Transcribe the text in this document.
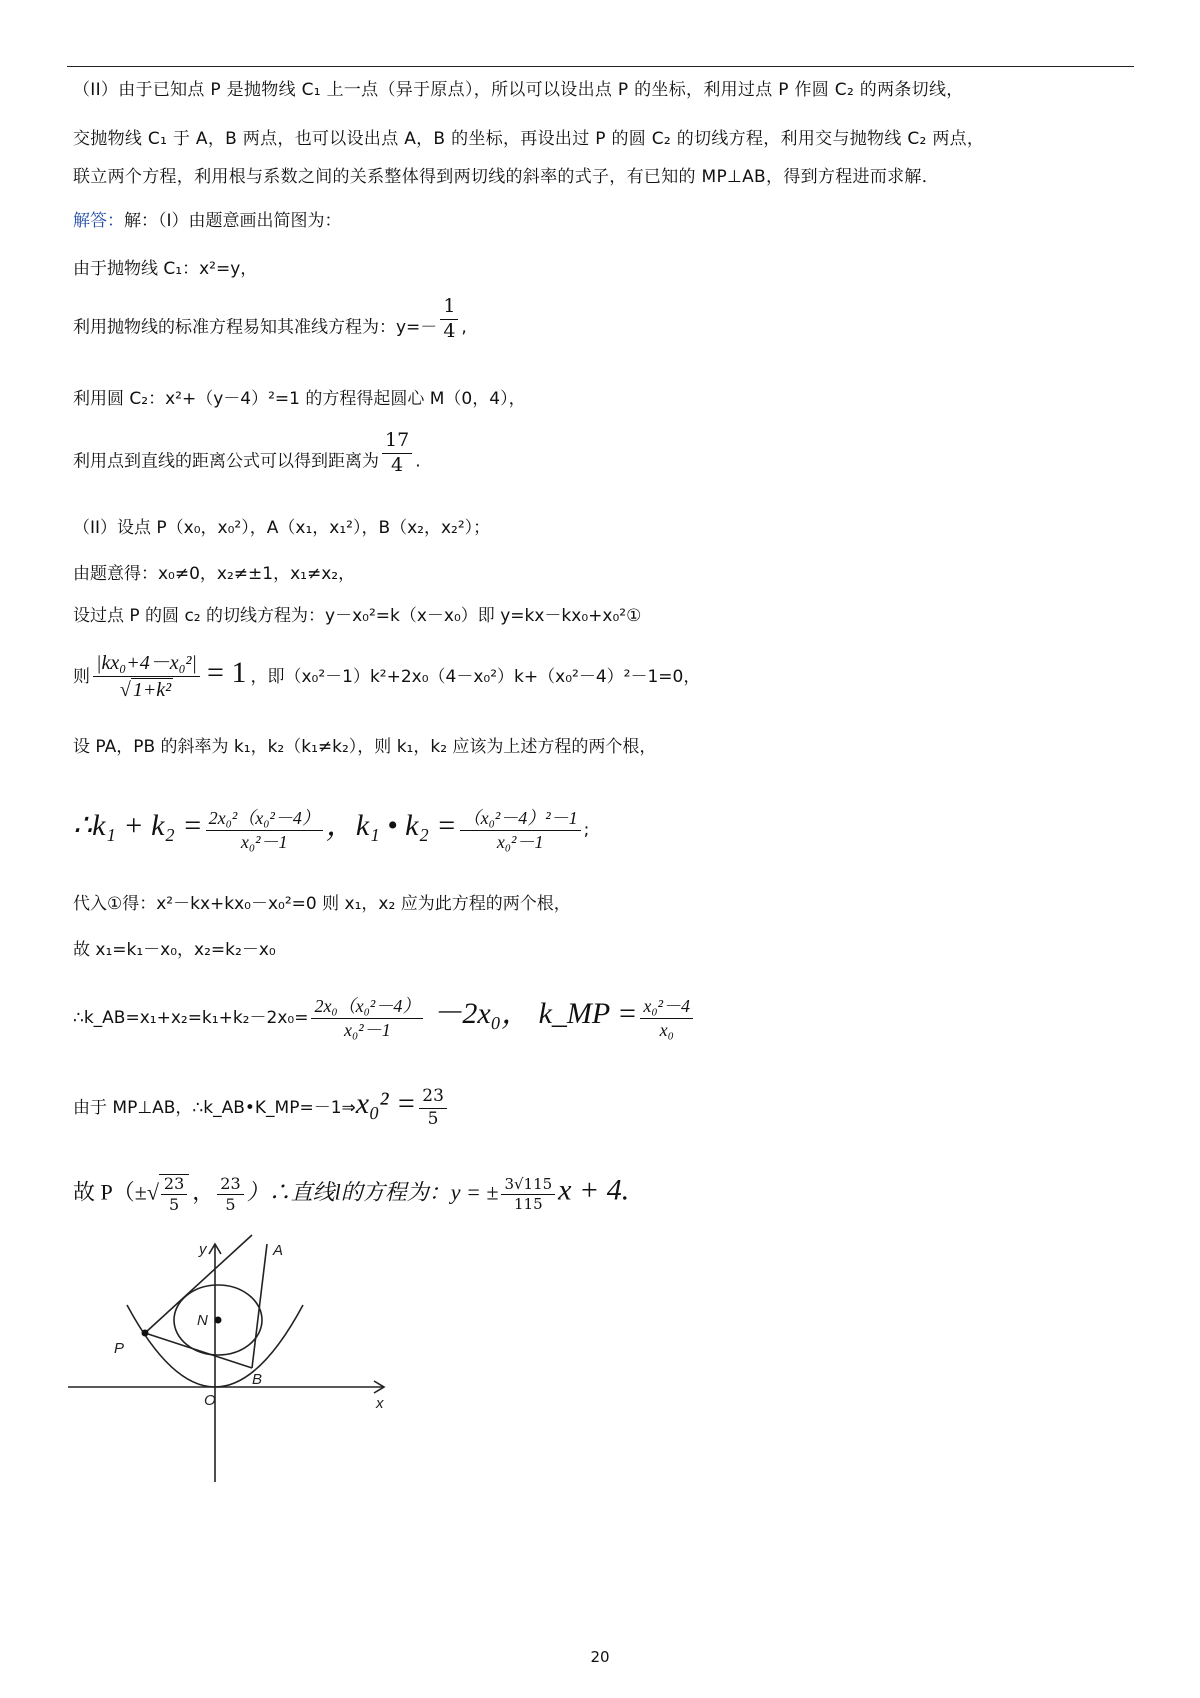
（II）由于已知点 P 是抛物线 C₁ 上一点（异于原点），所以可以设出点 P 的坐标，利用过点 P 作圆 C₂ 的两条切线，
交抛物线 C₁ 于 A，B 两点，也可以设出点 A，B 的坐标，再设出过 P 的圆 C₂ 的切线方程，利用交与抛物线 C₂ 两点，
联立两个方程，利用根与系数之间的关系整体得到两切线的斜率的式子，有已知的 MP⊥AB，得到方程进而求解．
解答：解：（I）由题意画出简图为：
由于抛物线 C₁：x²=y，
利用抛物线的标准方程易知其准线方程为：$y=- \frac{1}{4}$ ,
利用圆 C₂：x²+（y－4）²=1 的方程得起圆心 M（0，4），
利用点到直线的距离公式可以得到距离为 $\frac{17}{4}$ .
（II）设点 P（x₀，x₀²），A（x₁，x₁²），B（x₂，x₂²）；
由题意得：x₀≠0，x₂≠±1，x₁≠x₂，
设过点 P 的圆 c₂ 的切线方程为：y－x₀²=k（x－x₀）即 y=kx－kx₀+x₀²①
则 $\frac{\text{|kx₀+4－x₀²|}}{\text{√ 1+k²}} = 1$ ，即（x₀²－1）k²+2x₀（4－x₀²）k+（x₀²－4）²－1=0，
设 PA，PB 的斜率为 k₁，k₂（k₁≠k₂），则 k₁，k₂ 应该为上述方程的两个根，
∴k₁ + $k_2 = \frac{\text{2x₀²（x₀²－4）}}{\text{x₀²－1}}$ ，k₁ • $k_2 = \frac{\text{（x₀²－4）²－1}}{\text{x₀²－1}}$ ;
代入①得：x²－kx+kx₀－x₀²=0 则 x₁，x₂ 应为此方程的两个根，
故 x₁=k₁－x₀，x₂=k₂－x₀
∴k_AB=x₁+x₂=k₁+k₂－2x₀= $\frac{\text{2x₀（x₀²－4）}}{\text{x₀²－1}} -2x_0$， k_MP = $\frac{\text{x₀²－4}}{\text{x₀}}$
由于 MP⊥AB，∴k_AB•K_MP=－1⇒x₀² = $\frac{23}{5}$
故 $P(\pm√ \frac{23}{5}$ ， $\frac{23}{5}$ ）∴直线l的方程为：y = ± $\frac{3√115}{115}$ x + 4.
y
x
A
B
P
N
O
20
